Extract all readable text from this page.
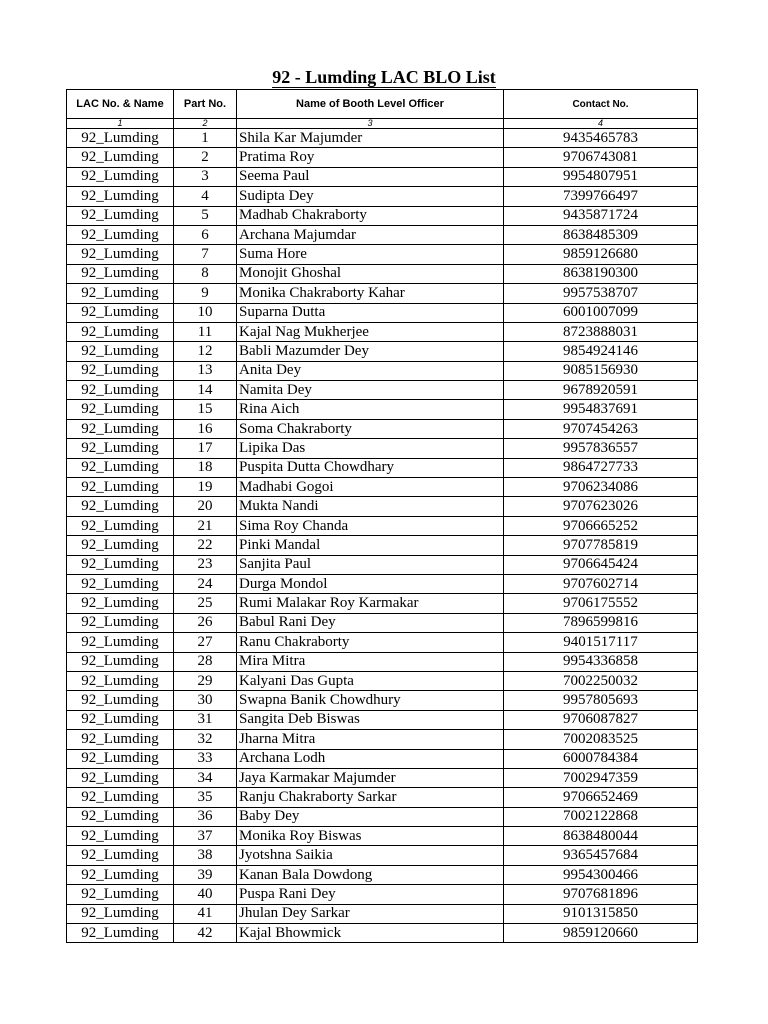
92 - Lumding LAC BLO List
LAC No. & Name	Part No.	Name of Booth Level Officer	Contact No.
1	2	3	4
92_Lumding	1	Shila Kar Majumder	9435465783
92_Lumding	2	Pratima Roy	9706743081
92_Lumding	3	Seema Paul	9954807951
92_Lumding	4	Sudipta Dey	7399766497
92_Lumding	5	Madhab Chakraborty	9435871724
92_Lumding	6	Archana Majumdar	8638485309
92_Lumding	7	Suma Hore	9859126680
92_Lumding	8	Monojit Ghoshal	8638190300
92_Lumding	9	Monika Chakraborty Kahar	9957538707
92_Lumding	10	Suparna Dutta	6001007099
92_Lumding	11	Kajal Nag Mukherjee	8723888031
92_Lumding	12	Babli Mazumder Dey	9854924146
92_Lumding	13	Anita Dey	9085156930
92_Lumding	14	Namita Dey	9678920591
92_Lumding	15	Rina Aich	9954837691
92_Lumding	16	Soma Chakraborty	9707454263
92_Lumding	17	Lipika Das	9957836557
92_Lumding	18	Puspita Dutta Chowdhary	9864727733
92_Lumding	19	Madhabi Gogoi	9706234086
92_Lumding	20	Mukta Nandi	9707623026
92_Lumding	21	Sima Roy Chanda	9706665252
92_Lumding	22	Pinki Mandal	9707785819
92_Lumding	23	Sanjita Paul	9706645424
92_Lumding	24	Durga Mondol	9707602714
92_Lumding	25	Rumi Malakar Roy Karmakar	9706175552
92_Lumding	26	Babul Rani Dey	7896599816
92_Lumding	27	Ranu Chakraborty	9401517117
92_Lumding	28	Mira Mitra	9954336858
92_Lumding	29	Kalyani Das Gupta	7002250032
92_Lumding	30	Swapna Banik Chowdhury	9957805693
92_Lumding	31	Sangita Deb Biswas	9706087827
92_Lumding	32	Jharna Mitra	7002083525
92_Lumding	33	Archana Lodh	6000784384
92_Lumding	34	Jaya Karmakar Majumder	7002947359
92_Lumding	35	Ranju Chakraborty Sarkar	9706652469
92_Lumding	36	Baby Dey	7002122868
92_Lumding	37	Monika Roy Biswas	8638480044
92_Lumding	38	Jyotshna Saikia	9365457684
92_Lumding	39	Kanan Bala Dowdong	9954300466
92_Lumding	40	Puspa Rani Dey	9707681896
92_Lumding	41	Jhulan Dey Sarkar	9101315850
92_Lumding	42	Kajal Bhowmick	9859120660
